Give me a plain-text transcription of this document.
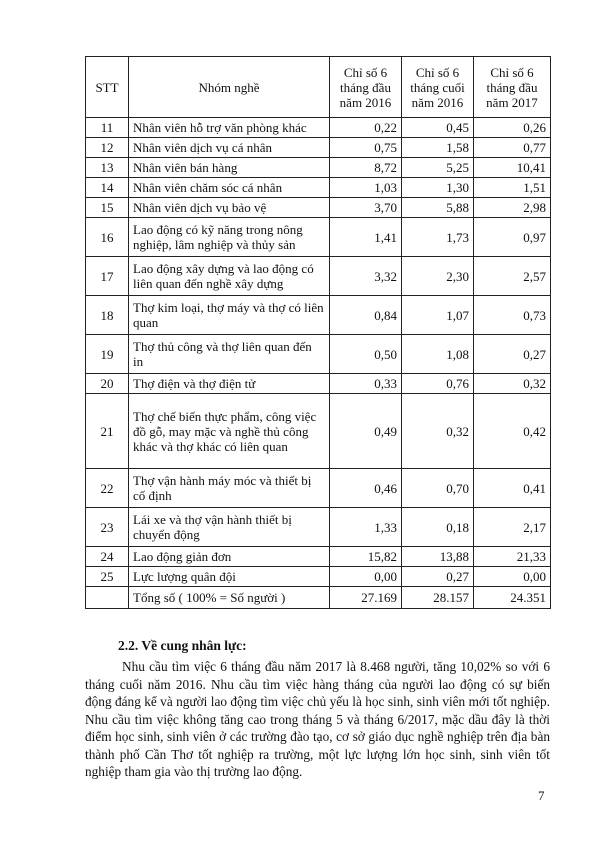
STT	Nhóm nghề	Chỉ số 6 tháng đầu năm 2016	Chỉ số 6 tháng cuối năm 2016	Chỉ số 6 tháng đầu năm 2017
11	Nhân viên hỗ trợ văn phòng khác	0,22	0,45	0,26
12	Nhân viên dịch vụ cá nhân	0,75	1,58	0,77
13	Nhân viên bán hàng	8,72	5,25	10,41
14	Nhân viên chăm sóc cá nhân	1,03	1,30	1,51
15	Nhân viên dịch vụ bảo vệ	3,70	5,88	2,98
16	Lao động có kỹ năng trong nông nghiệp, lâm nghiệp và thủy sản	1,41	1,73	0,97
17	Lao động xây dựng và lao động có liên quan đến nghề xây dựng	3,32	2,30	2,57
18	Thợ kim loại, thợ máy và thợ có liên quan	0,84	1,07	0,73
19	Thợ thủ công và thợ liên quan đến in	0,50	1,08	0,27
20	Thợ điện và thợ điện tử	0,33	0,76	0,32
21	Thợ chế biến thực phẩm, công việc đồ gỗ, may mặc và nghề thủ công khác và thợ khác có liên quan	0,49	0,32	0,42
22	Thợ vận hành máy móc và thiết bị cố định	0,46	0,70	0,41
23	Lái xe và thợ vận hành thiết bị chuyển động	1,33	0,18	2,17
24	Lao động giản đơn	15,82	13,88	21,33
25	Lực lượng quân đội	0,00	0,27	0,00
	Tổng số ( 100% = Số người )	27.169	28.157	24.351
2.2. Về cung nhân lực:

Nhu cầu tìm việc 6 tháng đầu năm 2017 là 8.468 người, tăng 10,02% so với 6 tháng cuối năm 2016. Nhu cầu tìm việc hàng tháng của người lao động có sự biến động đáng kể và người lao động tìm việc chủ yếu là học sinh, sinh viên mới tốt nghiệp. Nhu cầu tìm việc không tăng cao trong tháng 5 và tháng 6/2017, mặc dầu đây là thời điểm học sinh, sinh viên ở các trường đào tạo, cơ sở giáo dục nghề nghiệp trên địa bàn thành phố Cần Thơ tốt nghiệp ra trường, một lực lượng lớn học sinh, sinh viên tốt nghiệp tham gia vào thị trường lao động.

7
